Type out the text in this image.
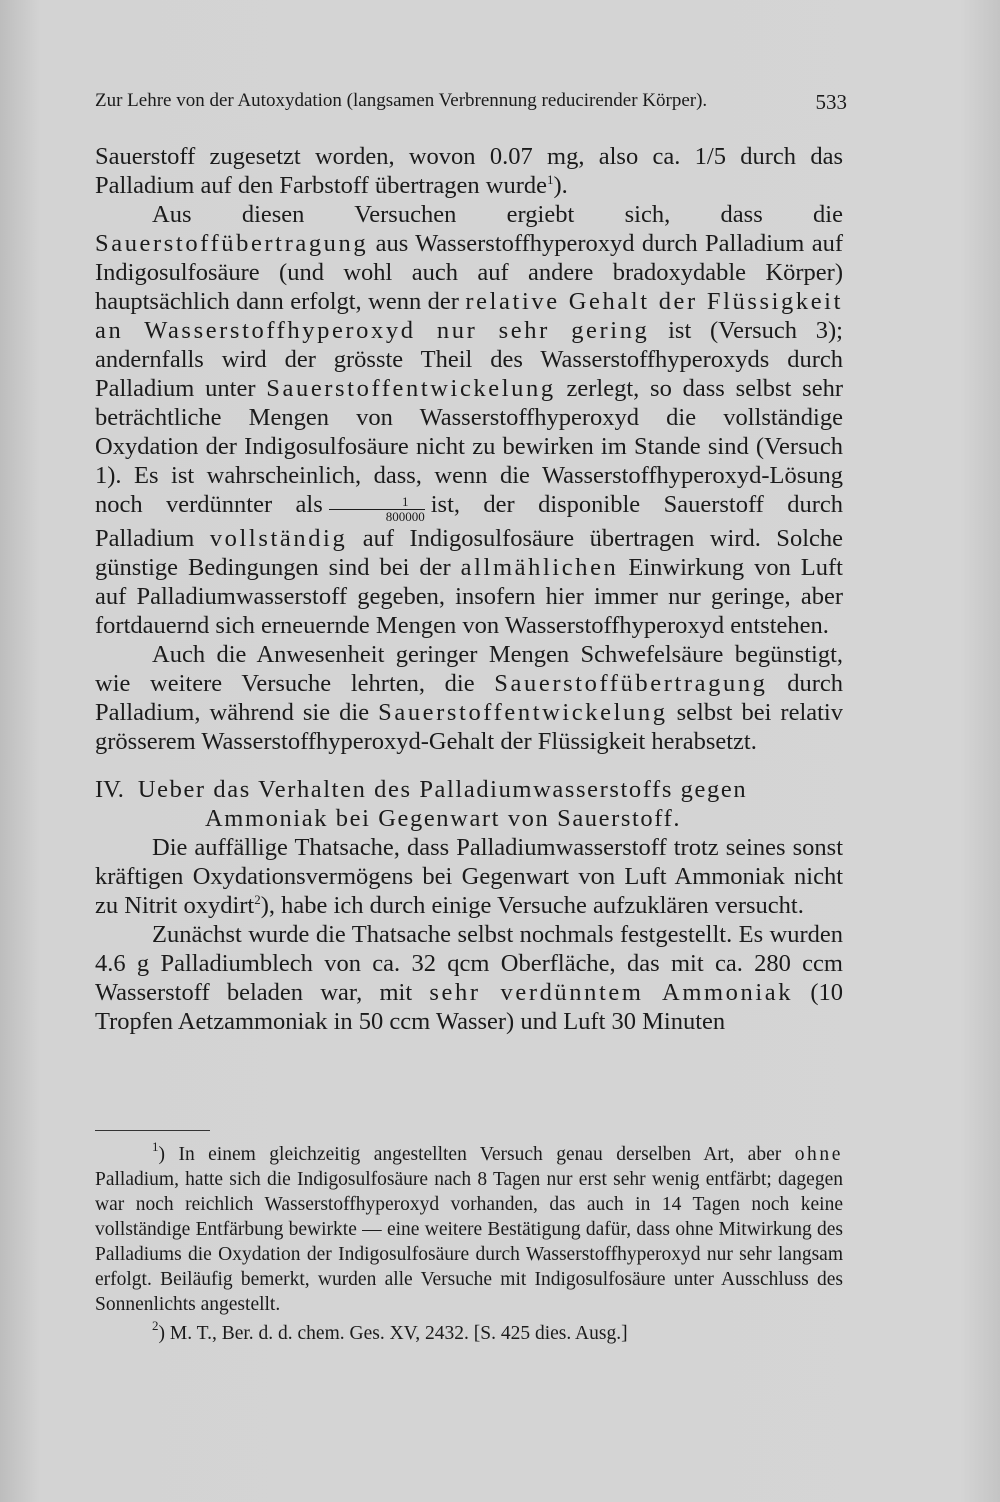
Zur Lehre von der Autoxydation (langsamen Verbrennung reducirender Körper).	533

Sauerstoff zugesetzt worden, wovon 0.07 mg, also ca. 1/5 durch das Palladium auf den Farbstoff übertragen wurde$^1$).

Aus diesen Versuchen ergiebt sich, dass die Sauerstoffübertragung aus Wasserstoffhyperoxyd durch Palladium auf Indigosulfosäure (und wohl auch auf andere bradoxydable Körper) hauptsächlich dann erfolgt, wenn der relative Gehalt der Flüssigkeit an Wasserstoffhyperoxyd nur sehr gering ist (Versuch 3); andernfalls wird der grösste Theil des Wasserstoffhyperoxyds durch Palladium unter Sauerstoffentwickelung zerlegt, so dass selbst sehr beträchtliche Mengen von Wasserstoffhyperoxyd die vollständige Oxydation der Indigosulfosäure nicht zu bewirken im Stande sind (Versuch 1). Es ist wahrscheinlich, dass, wenn die Wasserstoffhyperoxyd-Lösung noch verdünnter als $\frac{1}{800000}$ ist, der disponible Sauerstoff durch Palladium vollständig auf Indigosulfosäure übertragen wird. Solche günstige Bedingungen sind bei der allmählichen Einwirkung von Luft auf Palladiumwasserstoff gegeben, insofern hier immer nur geringe, aber fortdauernd sich erneuernde Mengen von Wasserstoffhyperoxyd entstehen.

Auch die Anwesenheit geringer Mengen Schwefelsäure begünstigt, wie weitere Versuche lehrten, die Sauerstoffübertragung durch Palladium, während sie die Sauerstoffentwickelung selbst bei relativ grösserem Wasserstoffhyperoxyd-Gehalt der Flüssigkeit herabsetzt.

IV. Ueber das Verhalten des Palladiumwasserstoffs gegen
Ammoniak bei Gegenwart von Sauerstoff.

Die auffällige Thatsache, dass Palladiumwasserstoff trotz seines sonst kräftigen Oxydationsvermögens bei Gegenwart von Luft Ammoniak nicht zu Nitrit oxydirt$^2$), habe ich durch einige Versuche aufzuklären versucht.

Zunächst wurde die Thatsache selbst nochmals festgestellt. Es wurden 4.6 g Palladiumblech von ca. 32 qcm Oberfläche, das mit ca. 280 ccm Wasserstoff beladen war, mit sehr verdünntem Ammoniak (10 Tropfen Aetzammoniak in 50 ccm Wasser) und Luft 30 Minuten

$^1$) In einem gleichzeitig angestellten Versuch genau derselben Art, aber ohne Palladium, hatte sich die Indigosulfosäure nach 8 Tagen nur erst sehr wenig entfärbt; dagegen war noch reichlich Wasserstoffhyperoxyd vorhanden, das auch in 14 Tagen noch keine vollständige Entfärbung bewirkte — eine weitere Bestätigung dafür, dass ohne Mitwirkung des Palladiums die Oxydation der Indigosulfosäure durch Wasserstoffhyperoxyd nur sehr langsam erfolgt. Beiläufig bemerkt, wurden alle Versuche mit Indigosulfosäure unter Ausschluss des Sonnenlichts angestellt.

$^2$) M. T., Ber. d. d. chem. Ges. XV, 2432. [S. 425 dies. Ausg.]
